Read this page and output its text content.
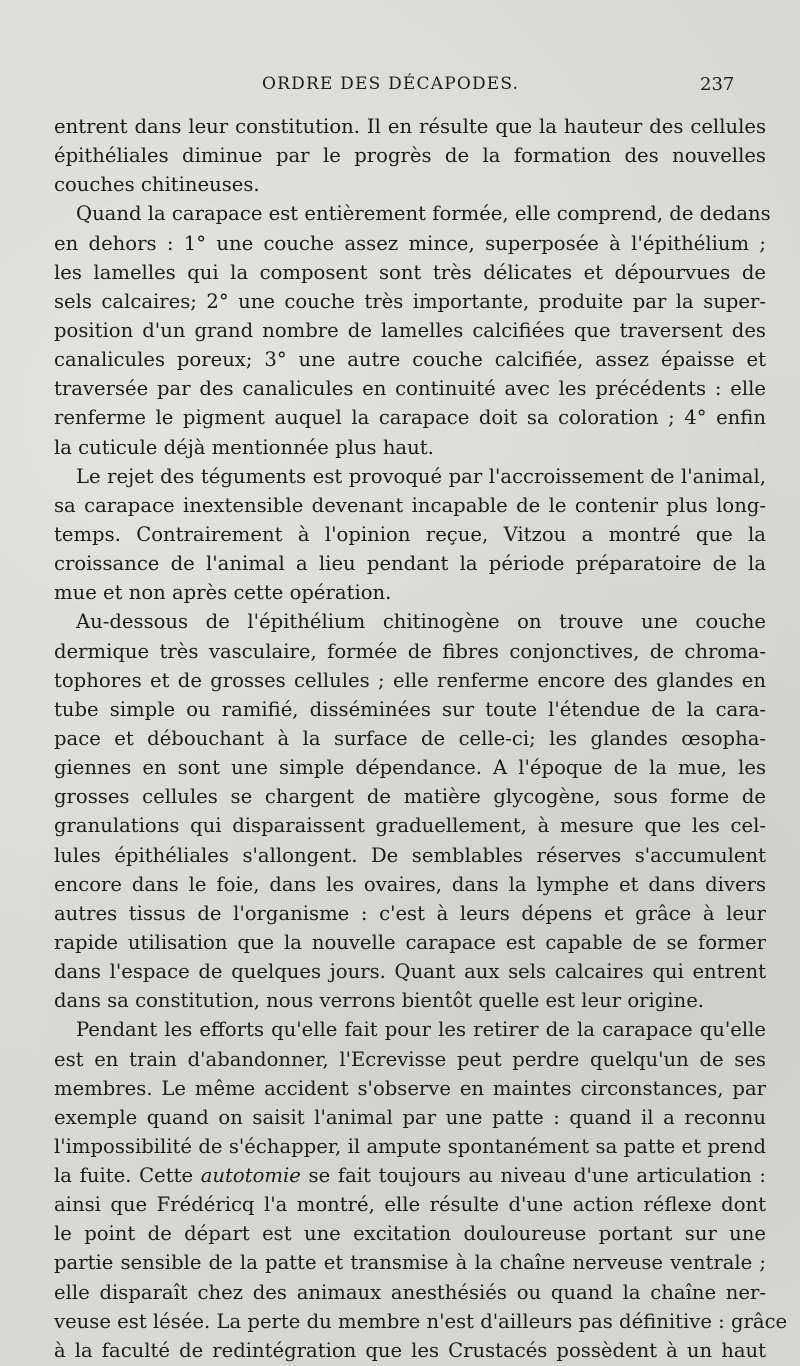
ORDRE DES DÉCAPODES.	237
entrent dans leur constitution. Il en résulte que la hauteur des cellules
épithéliales diminue par le progrès de la formation des nouvelles
couches chitineuses.
Quand la carapace est entièrement formée, elle comprend, de dedans
en dehors : 1° une couche assez mince, superposée à l'épithélium ;
les lamelles qui la composent sont très délicates et dépourvues de
sels calcaires; 2° une couche très importante, produite par la super-
position d'un grand nombre de lamelles calcifiées que traversent des
canalicules poreux; 3° une autre couche calcifiée, assez épaisse et
traversée par des canalicules en continuité avec les précédents : elle
renferme le pigment auquel la carapace doit sa coloration ; 4° enfin
la cuticule déjà mentionnée plus haut.
Le rejet des téguments est provoqué par l'accroissement de l'animal,
sa carapace inextensible devenant incapable de le contenir plus long-
temps. Contrairement à l'opinion reçue, Vitzou a montré que la
croissance de l'animal a lieu pendant la période préparatoire de la
mue et non après cette opération.
Au-dessous de l'épithélium chitinogène on trouve une couche
dermique très vasculaire, formée de fibres conjonctives, de chroma-
tophores et de grosses cellules ; elle renferme encore des glandes en
tube simple ou ramifié, disséminées sur toute l'étendue de la cara-
pace et débouchant à la surface de celle-ci; les glandes œsopha-
giennes en sont une simple dépendance. A l'époque de la mue, les
grosses cellules se chargent de matière glycogène, sous forme de
granulations qui disparaissent graduellement, à mesure que les cel-
lules épithéliales s'allongent. De semblables réserves s'accumulent
encore dans le foie, dans les ovaires, dans la lymphe et dans divers
autres tissus de l'organisme : c'est à leurs dépens et grâce à leur
rapide utilisation que la nouvelle carapace est capable de se former
dans l'espace de quelques jours. Quant aux sels calcaires qui entrent
dans sa constitution, nous verrons bientôt quelle est leur origine.
Pendant les efforts qu'elle fait pour les retirer de la carapace qu'elle
est en train d'abandonner, l'Ecrevisse peut perdre quelqu'un de ses
membres. Le même accident s'observe en maintes circonstances, par
exemple quand on saisit l'animal par une patte : quand il a reconnu
l'impossibilité de s'échapper, il ampute spontanément sa patte et prend
la fuite. Cette autotomie se fait toujours au niveau d'une articulation :
ainsi que Frédéricq l'a montré, elle résulte d'une action réflexe dont
le point de départ est une excitation douloureuse portant sur une
partie sensible de la patte et transmise à la chaîne nerveuse ventrale ;
elle disparaît chez des animaux anesthésiés ou quand la chaîne ner-
veuse est lésée. La perte du membre n'est d'ailleurs pas définitive : grâce
à la faculté de redintégration que les Crustacés possèdent à un haut
